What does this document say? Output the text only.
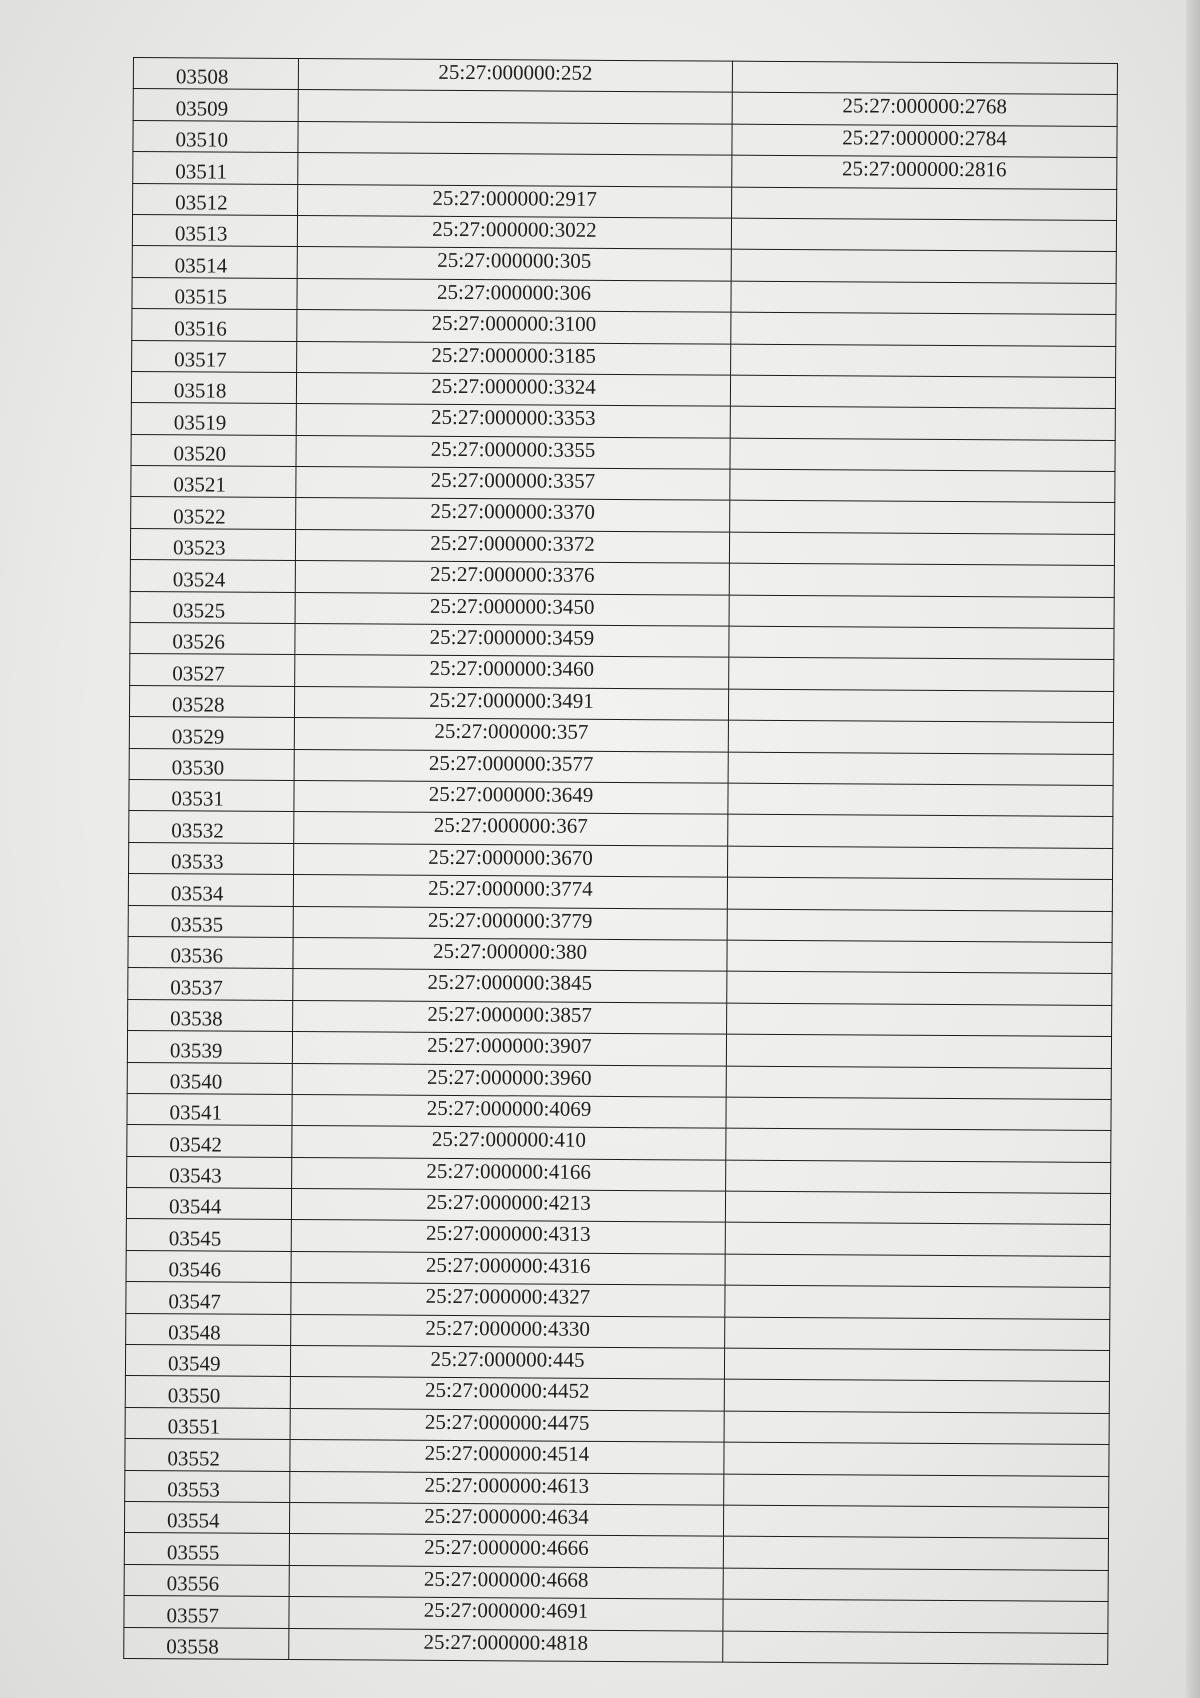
03508	25:27:000000:252	
03509		25:27:000000:2768
03510		25:27:000000:2784
03511		25:27:000000:2816
03512	25:27:000000:2917	
03513	25:27:000000:3022	
03514	25:27:000000:305	
03515	25:27:000000:306	
03516	25:27:000000:3100	
03517	25:27:000000:3185	
03518	25:27:000000:3324	
03519	25:27:000000:3353	
03520	25:27:000000:3355	
03521	25:27:000000:3357	
03522	25:27:000000:3370	
03523	25:27:000000:3372	
03524	25:27:000000:3376	
03525	25:27:000000:3450	
03526	25:27:000000:3459	
03527	25:27:000000:3460	
03528	25:27:000000:3491	
03529	25:27:000000:357	
03530	25:27:000000:3577	
03531	25:27:000000:3649	
03532	25:27:000000:367	
03533	25:27:000000:3670	
03534	25:27:000000:3774	
03535	25:27:000000:3779	
03536	25:27:000000:380	
03537	25:27:000000:3845	
03538	25:27:000000:3857	
03539	25:27:000000:3907	
03540	25:27:000000:3960	
03541	25:27:000000:4069	
03542	25:27:000000:410	
03543	25:27:000000:4166	
03544	25:27:000000:4213	
03545	25:27:000000:4313	
03546	25:27:000000:4316	
03547	25:27:000000:4327	
03548	25:27:000000:4330	
03549	25:27:000000:445	
03550	25:27:000000:4452	
03551	25:27:000000:4475	
03552	25:27:000000:4514	
03553	25:27:000000:4613	
03554	25:27:000000:4634	
03555	25:27:000000:4666	
03556	25:27:000000:4668	
03557	25:27:000000:4691	
03558	25:27:000000:4818	
